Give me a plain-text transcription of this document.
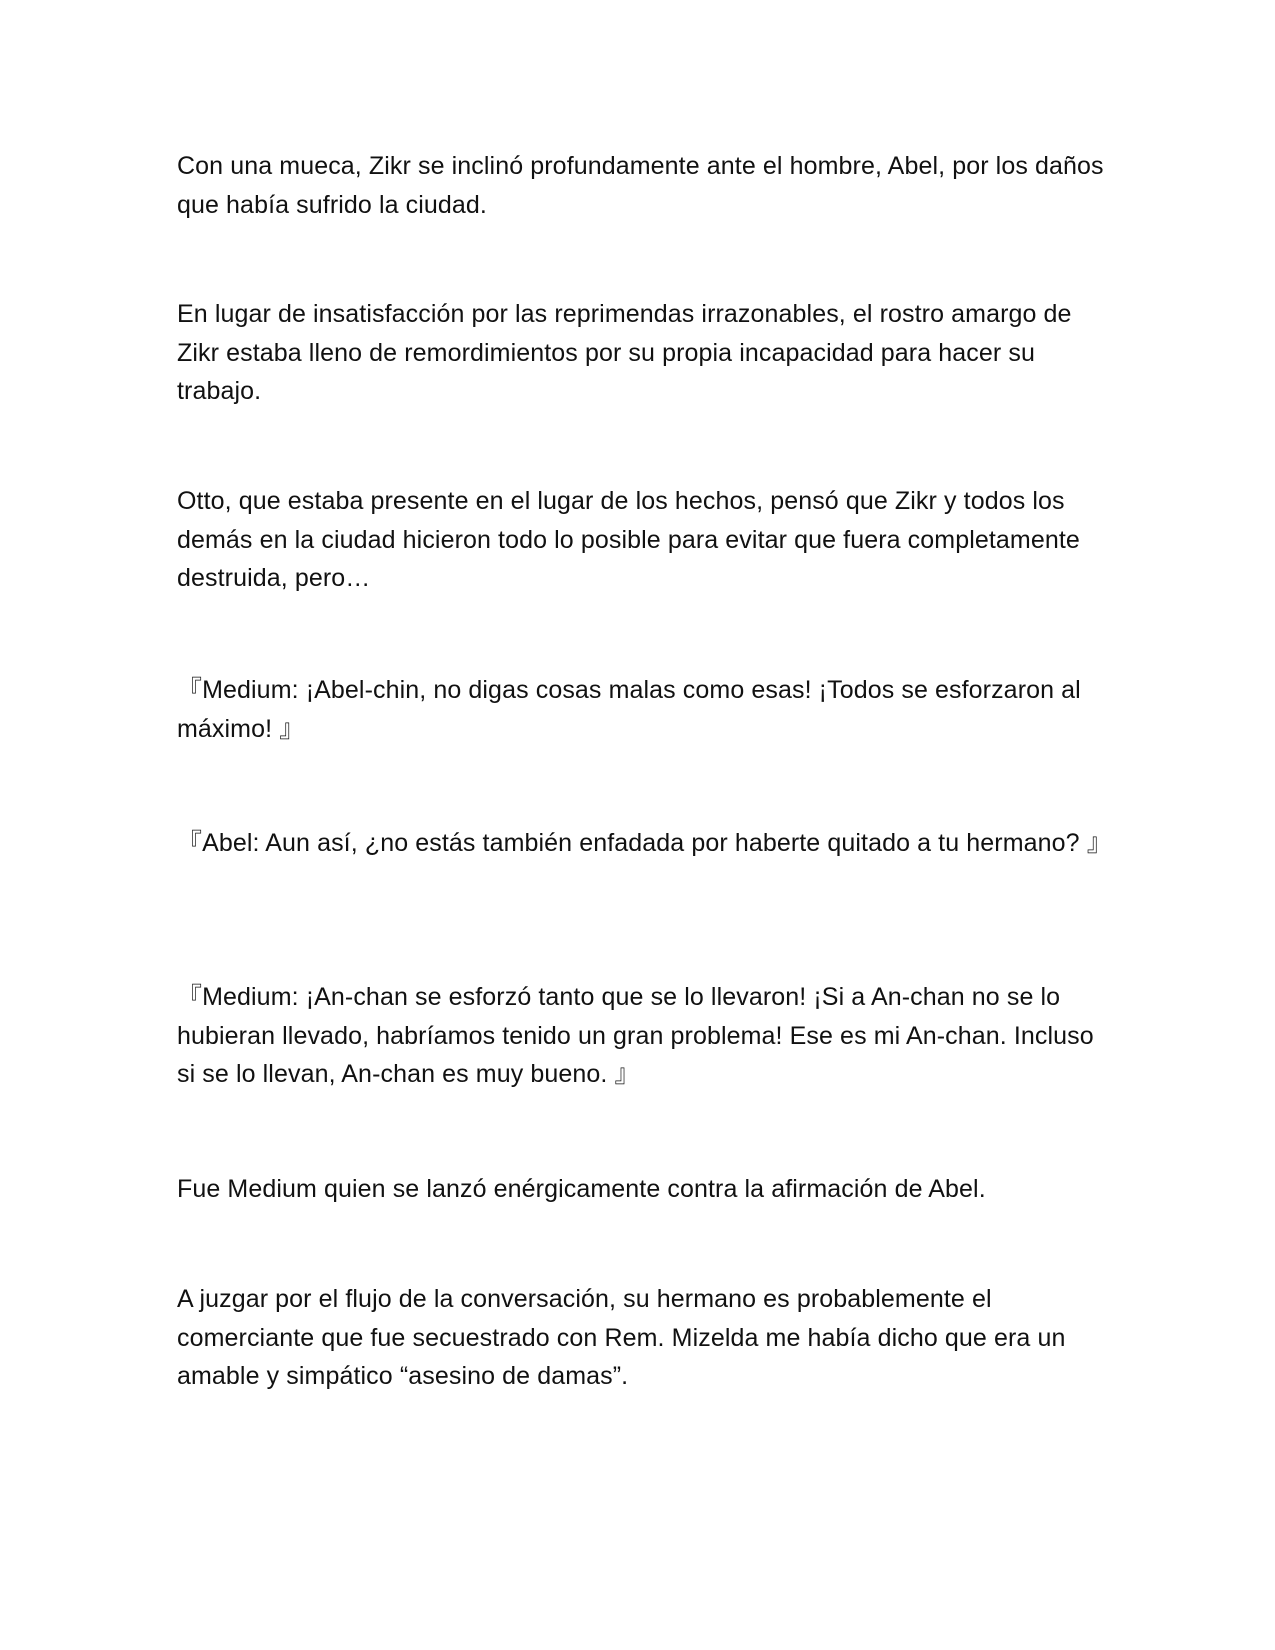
Con una mueca, Zikr se inclinó profundamente ante el hombre, Abel, por los daños que había sufrido la ciudad.

En lugar de insatisfacción por las reprimendas irrazonables, el rostro amargo de Zikr estaba lleno de remordimientos por su propia incapacidad para hacer su trabajo.

Otto, que estaba presente en el lugar de los hechos, pensó que Zikr y todos los demás en la ciudad hicieron todo lo posible para evitar que fuera completamente destruida, pero…

『Medium: ¡Abel-chin, no digas cosas malas como esas! ¡Todos se esforzaron al máximo! 』

『Abel: Aun así, ¿no estás también enfadada por haberte quitado a tu hermano? 』

『Medium: ¡An-chan se esforzó tanto que se lo llevaron! ¡Si a An-chan no se lo hubieran llevado, habríamos tenido un gran problema! Ese es mi An-chan. Incluso si se lo llevan, An-chan es muy bueno. 』

Fue Medium quien se lanzó enérgicamente contra la afirmación de Abel.

A juzgar por el flujo de la conversación, su hermano es probablemente el comerciante que fue secuestrado con Rem. Mizelda me había dicho que era un amable y simpático “asesino de damas”.
